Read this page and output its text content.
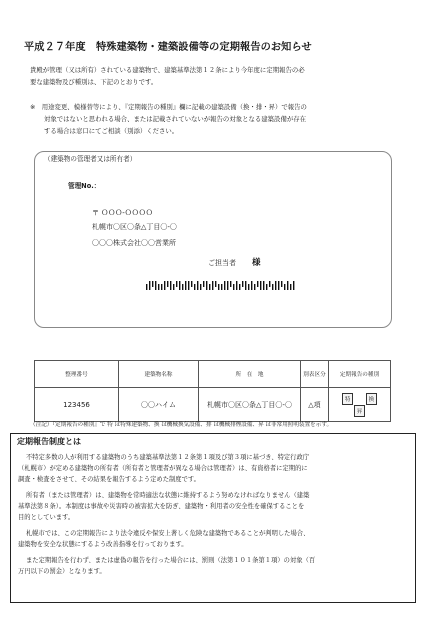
平成２７年度　特殊建築物・建築設備等の定期報告のお知らせ
貴殿が管理（又は所有）されている建築物で、建築基準法第１２条により今年度に定期報告の必
要な建築物及び種別は、下記のとおりです。
※　用途変更、模様替等により、『定期報告の種別』欄に記載の建築設備（換・排・昇）で報告の
対象ではないと思われる場合、または記載されていないが報告の対象となる建築設備が存在
する場合は窓口にてご相談（別添）ください。
（建築物の管理者又は所有者）
管理No.：
〒 ＯＯＯ-ＯＯＯＯ
札幌市〇区〇条△丁目〇-〇
〇〇〇株式会社〇〇営業所
ご担当者 様
整理番号	建築物名称	所　在　地	別表区分	定期報告の種別
123456	〇〇ハイム	札幌市〇区〇条△丁目〇-〇	△項	特 換 昇
（注記）『定期報告の種別』で 特 は特殊建築物、換 は機械換気設備、排 は機械排煙設備、昇 は非常用照明装置を示す。
定期報告制度とは
不特定多数の人が利用する建築物のうち建築基準法第１２条第１項及び第３項に基づき、特定行政庁
（札幌市）が定める建築物の所有者（所有者と管理者が異なる場合は管理者）は、有資格者に定期的に
調査・検査をさせて、その結果を報告するよう定めた制度です。
所有者（または管理者）は、建築物を常時適法な状態に維持するよう努めなければなりません（建築
基準法第８条）。本制度は事故や災害時の被害拡大を防ぎ、建築物・利用者の安全性を確保することを
目的としています。
札幌市では、この定期報告により法令違反や保安上著しく危険な建築物であることが判明した場合、
建築物を安全な状態にするよう改善指導を行っております。
また定期報告を行わず、または虚偽の報告を行った場合には、罰則（法第１０１条第１項）の対象（百
万円以下の罰金）となります。
